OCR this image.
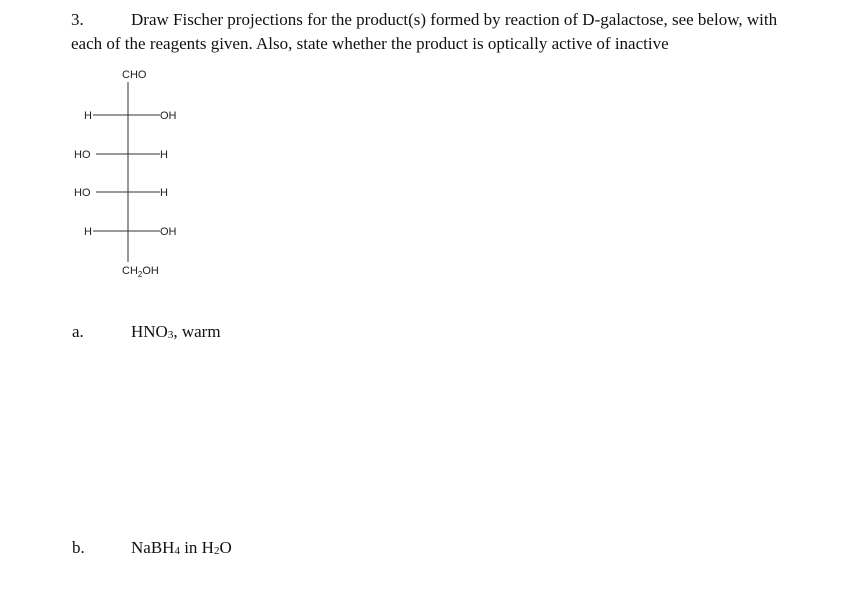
3.	Draw Fischer projections for the product(s) formed by reaction of D-galactose, see below, with
each of the reagents given. Also, state whether the product is optically active of inactive
CHO
H	OH
HO	H
HO	H
H	OH
$CH_2OH$
a.	$HNO_3$, warm
b.	NaBH$_4$ in $H_2O$
